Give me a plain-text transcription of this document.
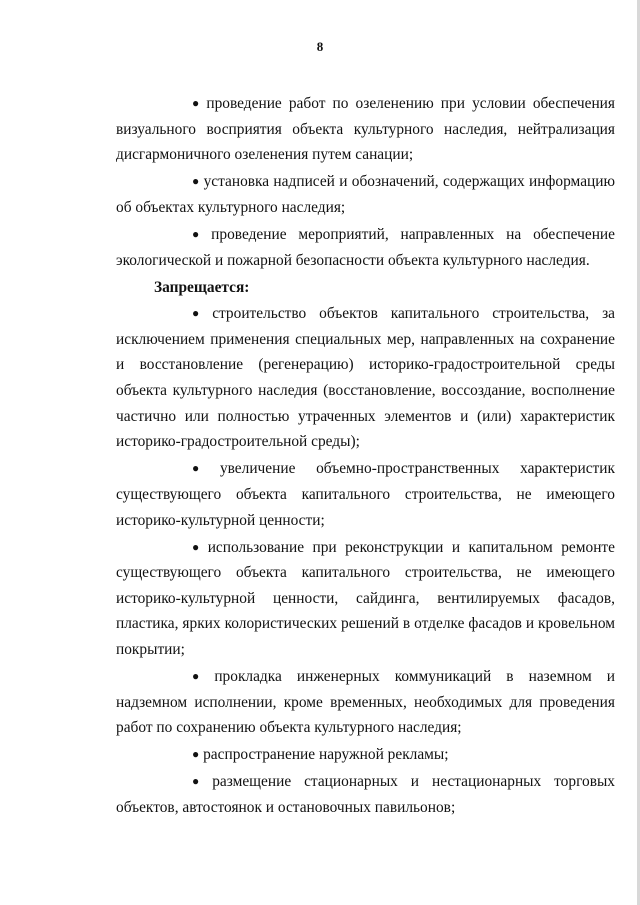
8

● проведение работ по озеленению при условии обеспечения визуального восприятия объекта культурного наследия, нейтрализация дисгармоничного озеленения путем санации;

● установка надписей и обозначений, содержащих информацию об объектах культурного наследия;

● проведение мероприятий, направленных на обеспечение экологической и пожарной безопасности объекта культурного наследия.

Запрещается:

● строительство объектов капитального строительства, за исключением применения специальных мер, направленных на сохранение и восстановление (регенерацию) историко-градостроительной среды объекта культурного наследия (восстановление, воссоздание, восполнение частично или полностью утраченных элементов и (или) характеристик историко-градостроительной среды);

● увеличение объемно-пространственных характеристик существующего объекта капитального строительства, не имеющего историко-культурной ценности;

● использование при реконструкции и капитальном ремонте существующего объекта капитального строительства, не имеющего историко-культурной ценности, сайдинга, вентилируемых фасадов, пластика, ярких колористических решений в отделке фасадов и кровельном покрытии;

● прокладка инженерных коммуникаций в наземном и надземном исполнении, кроме временных, необходимых для проведения работ по сохранению объекта культурного наследия;

● распространение наружной рекламы;

● размещение стационарных и нестационарных торговых объектов, автостоянок и остановочных павильонов;
